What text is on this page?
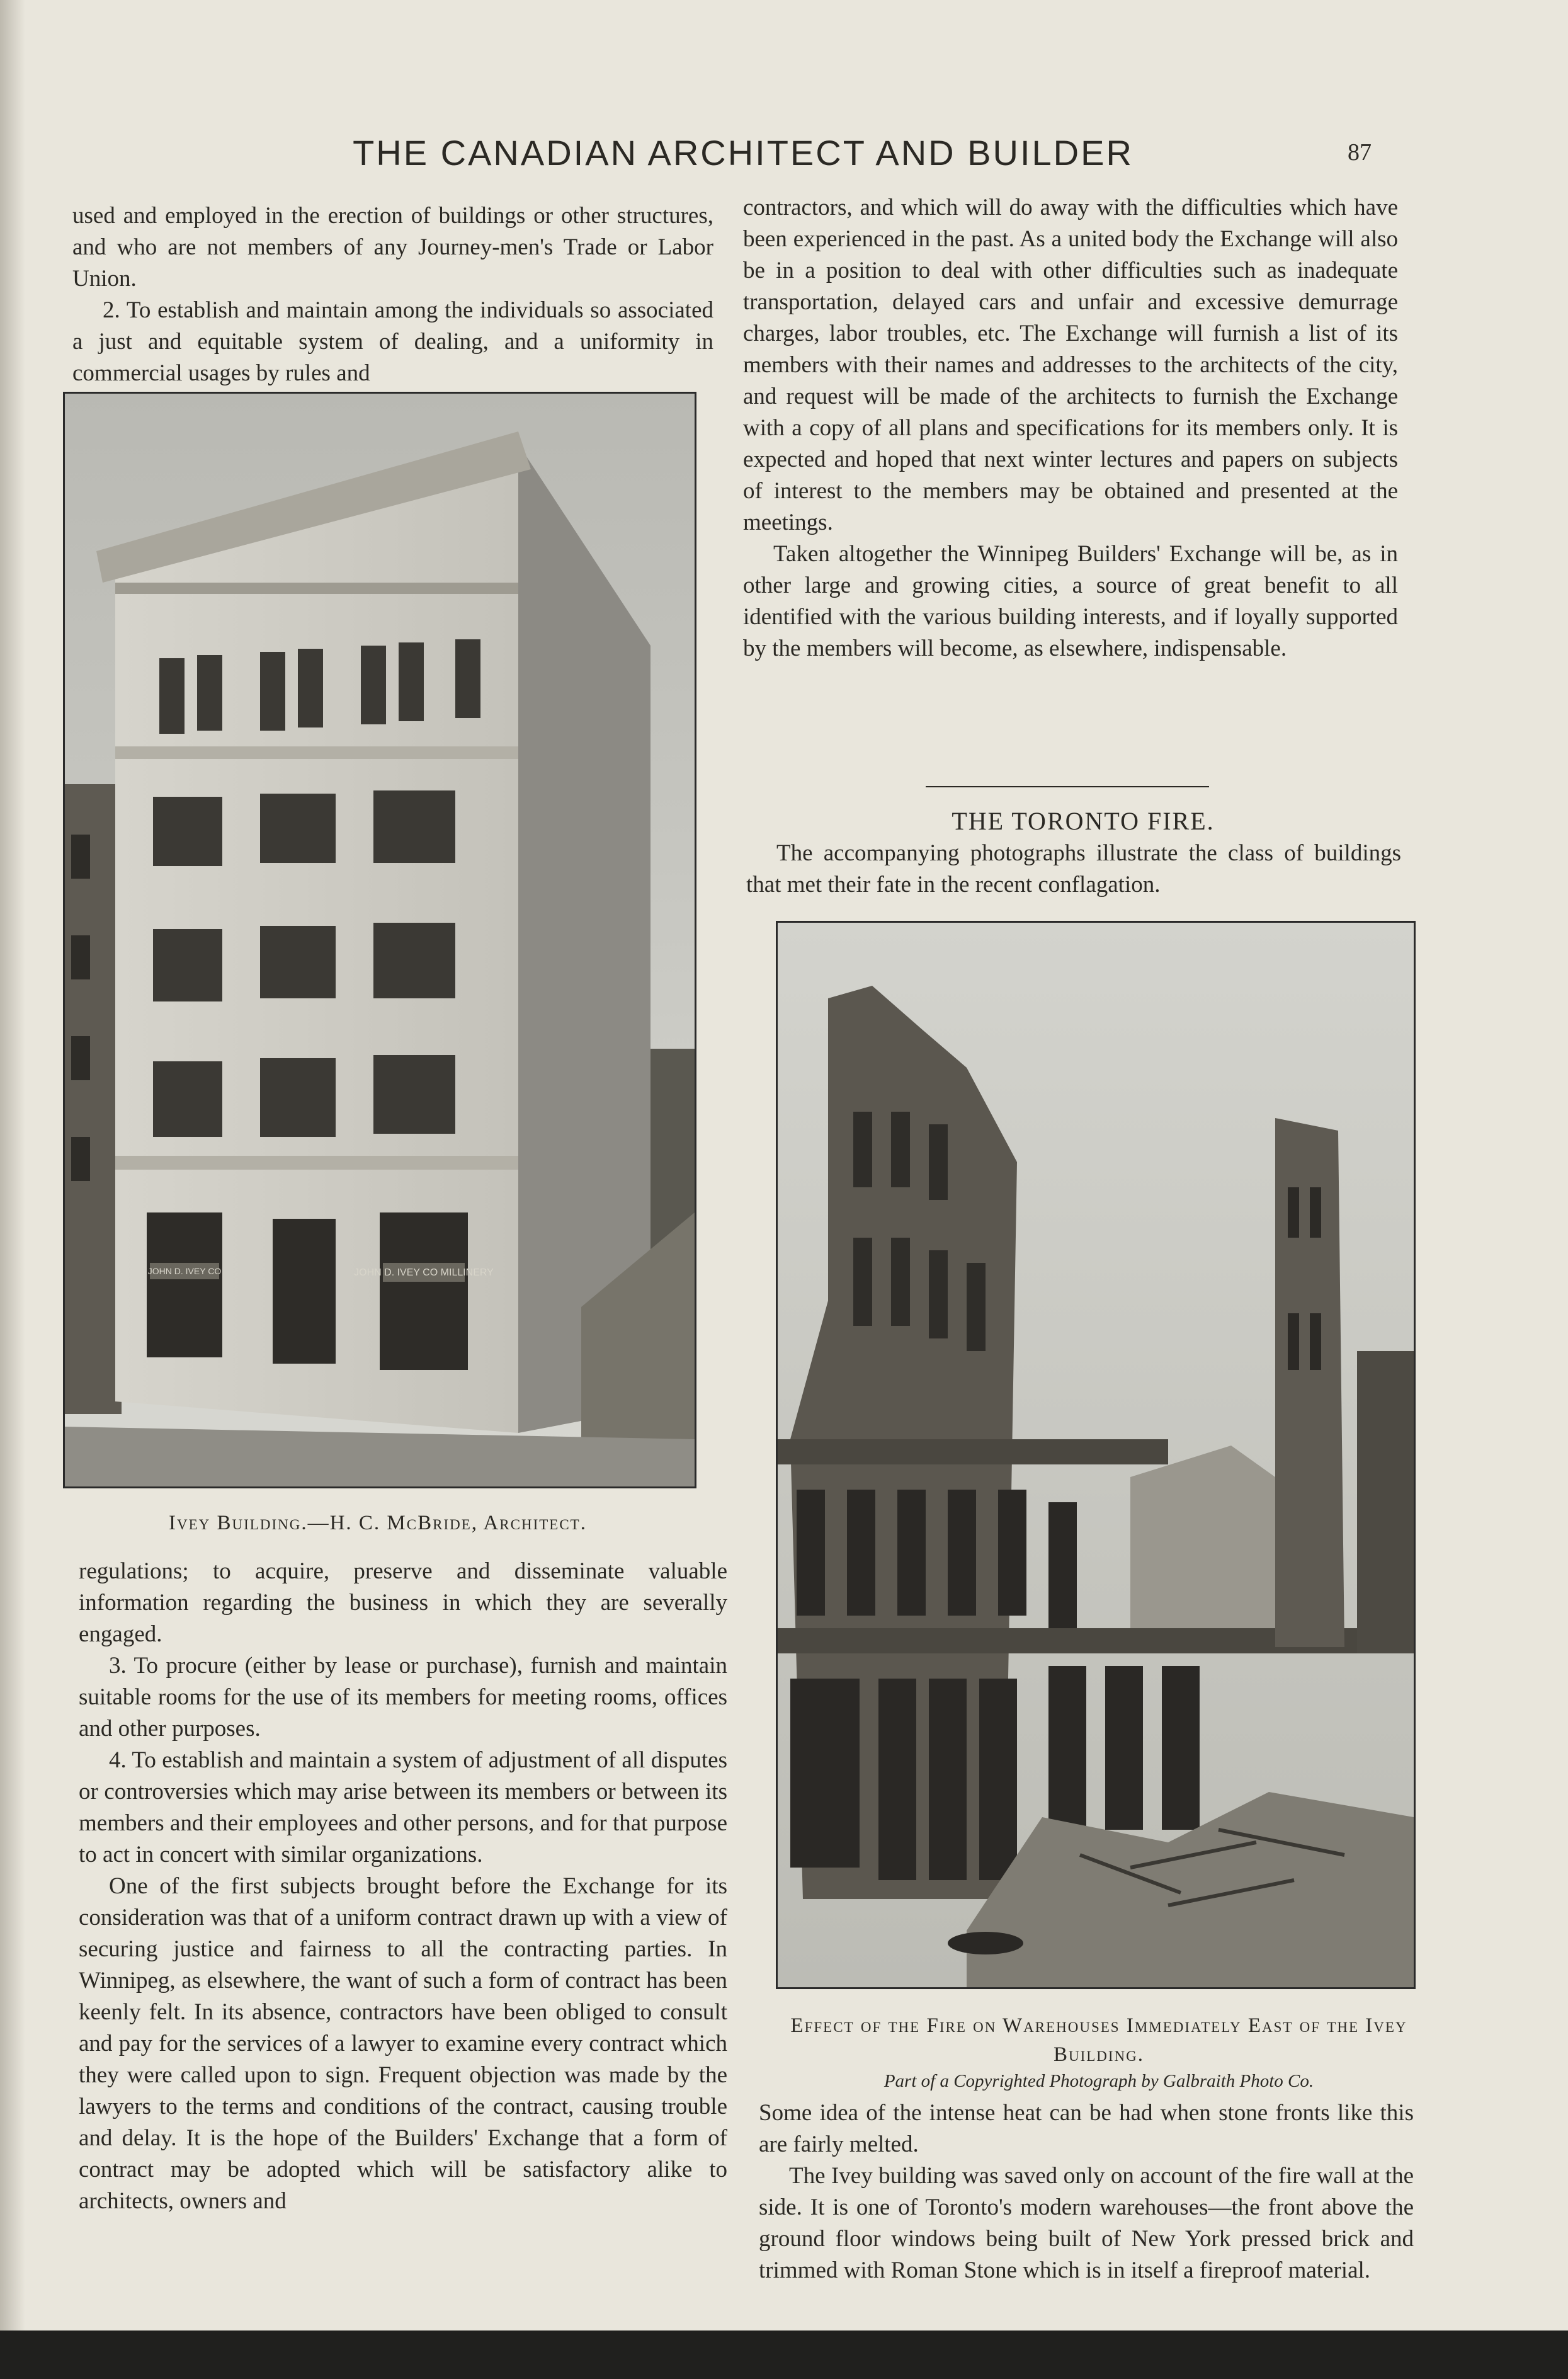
THE CANADIAN ARCHITECT AND BUILDER	87

used and employed in the erection of buildings or other structures, and who are not members of any Journey-men's Trade or Labor Union.

2. To establish and maintain among the individuals so associated a just and equitable system of dealing, and a uniformity in commercial usages by rules and

JOHN D. IVEY CO MILLINERY
JOHN D. IVEY CO
Ivey Building.—H. C. McBride, Architect.

regulations; to acquire, preserve and disseminate valuable information regarding the business in which they are severally engaged.

3. To procure (either by lease or purchase), furnish and maintain suitable rooms for the use of its members for meeting rooms, offices and other purposes.

4. To establish and maintain a system of adjustment of all disputes or controversies which may arise between its members or between its members and their employees and other persons, and for that purpose to act in concert with similar organizations.

One of the first subjects brought before the Exchange for its consideration was that of a uniform contract drawn up with a view of securing justice and fairness to all the contracting parties. In Winnipeg, as elsewhere, the want of such a form of contract has been keenly felt. In its absence, contractors have been obliged to consult and pay for the services of a lawyer to examine every contract which they were called upon to sign. Frequent objection was made by the lawyers to the terms and conditions of the contract, causing trouble and delay. It is the hope of the Builders' Exchange that a form of contract may be adopted which will be satisfactory alike to architects, owners and

contractors, and which will do away with the difficulties which have been experienced in the past. As a united body the Exchange will also be in a position to deal with other difficulties such as inadequate transportation, delayed cars and unfair and excessive demurrage charges, labor troubles, etc. The Exchange will furnish a list of its members with their names and addresses to the architects of the city, and request will be made of the architects to furnish the Exchange with a copy of all plans and specifications for its members only. It is expected and hoped that next winter lectures and papers on subjects of interest to the members may be obtained and presented at the meetings.

Taken altogether the Winnipeg Builders' Exchange will be, as in other large and growing cities, a source of great benefit to all identified with the various building interests, and if loyally supported by the members will become, as elsewhere, indispensable.

THE TORONTO FIRE.

The accompanying photographs illustrate the class of buildings that met their fate in the recent conflagation.

Effect of the Fire on Warehouses Immediately East of the Ivey Building.
Part of a Copyrighted Photograph by Galbraith Photo Co.

Some idea of the intense heat can be had when stone fronts like this are fairly melted.

The Ivey building was saved only on account of the fire wall at the side. It is one of Toronto's modern warehouses—the front above the ground floor windows being built of New York pressed brick and trimmed with Roman Stone which is in itself a fireproof material.
